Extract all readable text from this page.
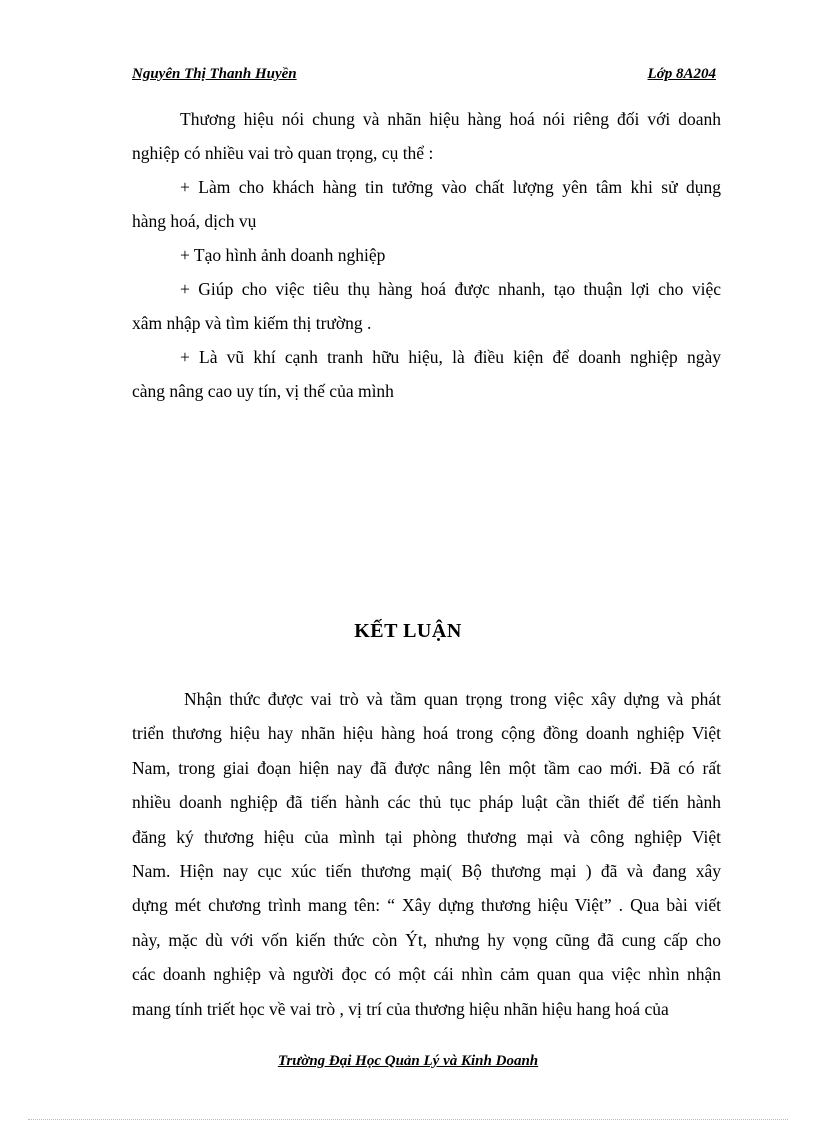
Nguyên Thị Thanh Huyền	Lớp 8A204

Thương hiệu nói chung và nhãn hiệu hàng hoá nói riêng đối với doanh
nghiệp có nhiều vai trò quan trọng, cụ thể :

+ Làm cho khách hàng tin tưởng vào chất lượng yên tâm khi sử dụng
hàng hoá, dịch vụ

+ Tạo hình ảnh doanh nghiệp

+ Giúp cho việc tiêu thụ hàng hoá được nhanh, tạo thuận lợi cho việc
xâm nhập và tìm kiếm thị trường .

+ Là vũ khí cạnh tranh hữu hiệu, là điều kiện để doanh nghiệp ngày
càng nâng cao uy tín, vị thế của mình

KẾT LUẬN

Nhận thức được vai trò và tầm quan trọng trong việc xây dựng và phát
triển thương hiệu hay nhãn hiệu hàng hoá trong cộng đồng doanh nghiệp Việt
Nam, trong giai đoạn hiện nay đã được nâng lên một tầm cao mới. Đã có rất
nhiều doanh nghiệp đã tiến hành các thủ tục pháp luật cần thiết để tiến hành
đăng ký thương hiệu của mình tại phòng thương mại và công nghiệp Việt
Nam. Hiện nay cục xúc tiến thương mại( Bộ thương mại ) đã và đang xây
dựng mét chương trình mang tên: “ Xây dựng thương hiệu Việt” . Qua bài viết
này, mặc dù với vốn kiến thức còn Ýt, nhưng hy vọng cũng đã cung cấp cho
các doanh nghiệp và người đọc có một cái nhìn cảm quan qua việc nhìn nhận
mang tính triết học về vai trò , vị trí của thương hiệu nhãn hiệu hang hoá của

Trường Đại Học Quản Lý và Kinh Doanh
